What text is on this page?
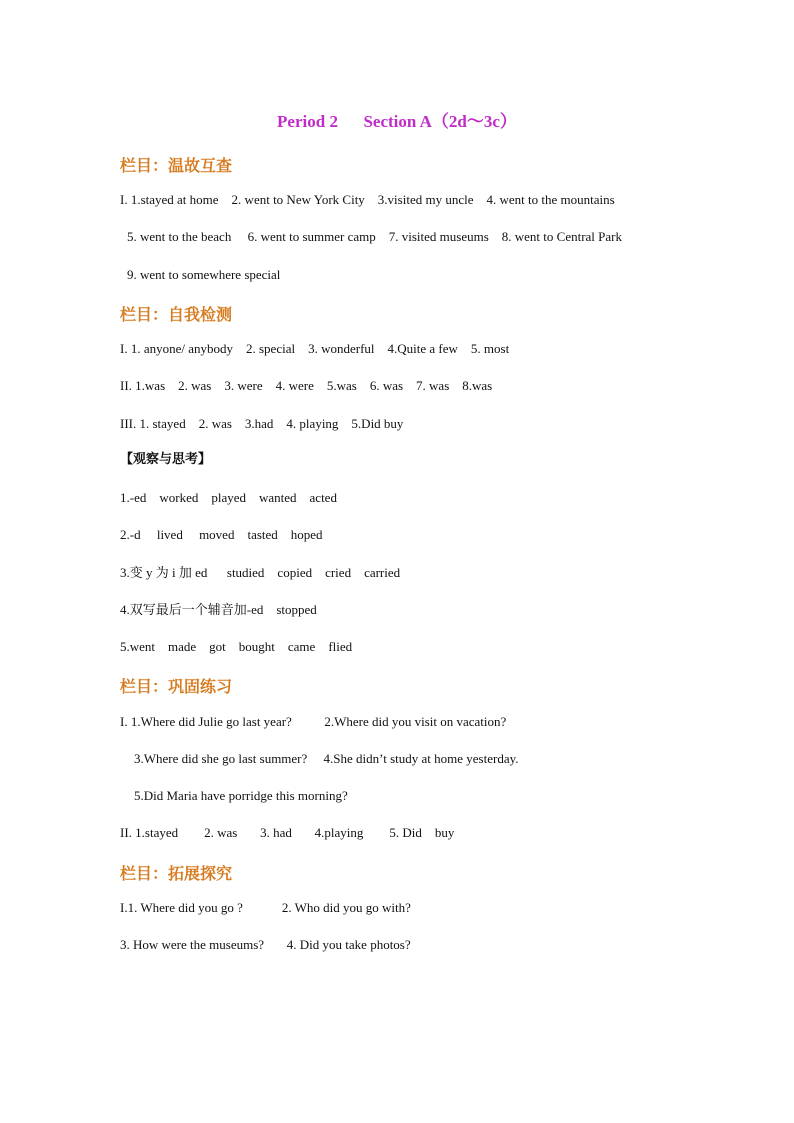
Period 2      Section A（2d～3c）
栏目：温故互查
I. 1.stayed at home    2. went to New York City    3.visited my uncle    4. went to the mountains
5. went to the beach     6. went to summer camp    7. visited museums    8. went to Central Park
9. went to somewhere special
栏目：自我检测
I. 1. anyone/ anybody    2. special    3. wonderful    4.Quite a few    5. most
II. 1.was    2. was    3. were    4. were    5.was    6. was    7. was    8.was
III. 1. stayed    2. was    3.had    4. playing    5.Did buy
【观察与思考】
1.-ed    worked    played    wanted    acted
2.-d     lived     moved    tasted    hoped
3.变 y 为 i 加 ed      studied    copied    cried    carried
4.双写最后一个辅音加-ed    stopped
5.went    made    got    bought    came    flied
栏目：巩固练习
I. 1.Where did Julie go last year?          2.Where did you visit on vacation?
3.Where did she go last summer?     4.She didn’t study at home yesterday.
5.Did Maria have porridge this morning?
II. 1.stayed        2. was       3. had       4.playing        5. Did    buy
栏目：拓展探究
I.1. Where did you go ?            2. Who did you go with?
3. How were the museums?       4. Did you take photos?
